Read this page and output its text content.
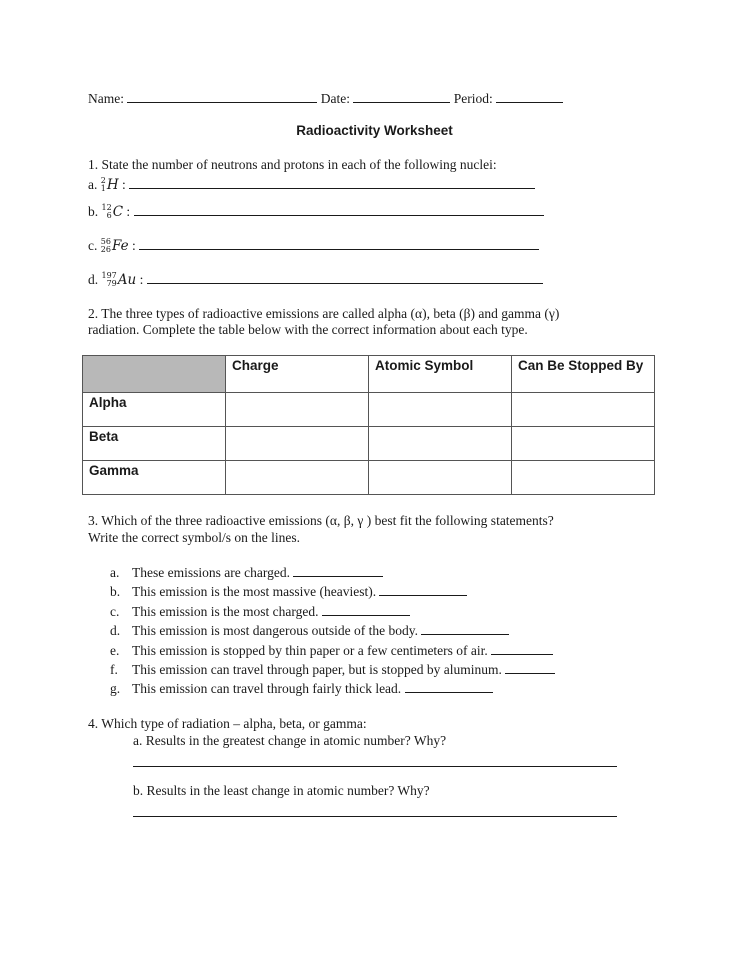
Name:	Date:	Period:
Radioactivity Worksheet
1. State the number of neutrons and protons in each of the following nuclei:
a. 2
1 H :
b. 12
6 C :
c. 56
26 Fe :
d. 197
79 Au :
2. The three types of radioactive emissions are called alpha (α), beta (β) and gamma (γ)
radiation. Complete the table below with the correct information about each type.
	Charge	Atomic Symbol	Can Be Stopped By
Alpha			
Beta			
Gamma			
3. Which of the three radioactive emissions (α, β, γ ) best fit the following statements?
Write the correct symbol/s on the lines.
a. These emissions are charged.
b. This emission is the most massive (heaviest).
c. This emission is the most charged.
d. This emission is most dangerous outside of the body.
e. This emission is stopped by thin paper or a few centimeters of air.
f. This emission can travel through paper, but is stopped by aluminum.
g. This emission can travel through fairly thick lead.
4. Which type of radiation – alpha, beta, or gamma:
a. Results in the greatest change in atomic number? Why?
b. Results in the least change in atomic number? Why?
